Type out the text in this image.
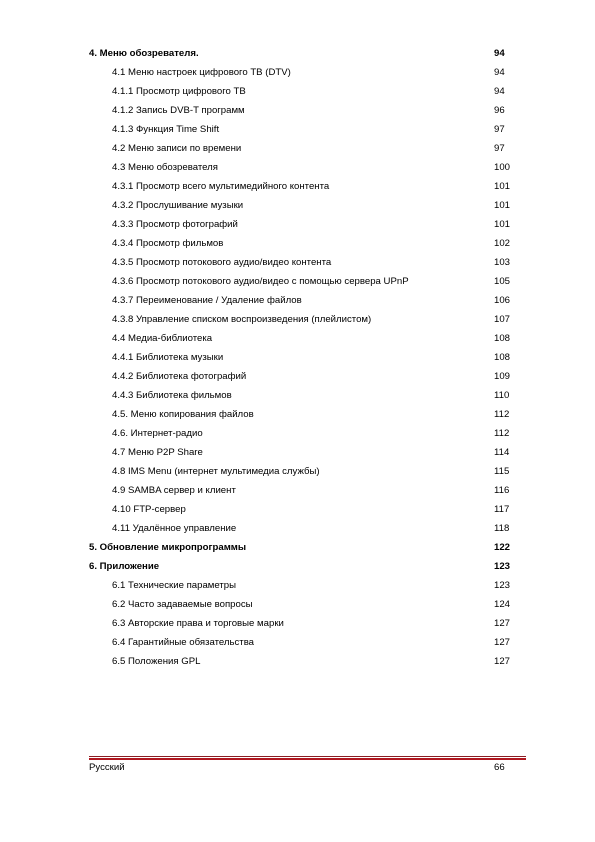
4. Меню обозревателя.	94
4.1 Меню настроек цифрового ТВ (DTV)	94
4.1.1 Просмотр цифрового ТВ	94
4.1.2 Запись DVB-T программ	96
4.1.3 Функция Time Shift	97
4.2 Меню записи по времени	97
4.3 Меню обозревателя	100
4.3.1 Просмотр всего мультимедийного контента	101
4.3.2 Прослушивание музыки	101
4.3.3 Просмотр фотографий	101
4.3.4 Просмотр фильмов	102
4.3.5 Просмотр потокового аудио/видео контента	103
4.3.6 Просмотр потокового аудио/видео с помощью сервера UPnP	105
4.3.7 Переименование / Удаление файлов	106
4.3.8 Управление списком воспроизведения (плейлистом)	107
4.4 Медиа-библиотека	108
4.4.1 Библиотека музыки	108
4.4.2 Библиотека фотографий	109
4.4.3 Библиотека фильмов	110
4.5. Меню копирования файлов	112
4.6. Интернет-радио	112
4.7 Меню P2P Share	114
4.8 IMS Menu (интернет мультимедиа службы)	115
4.9 SAMBA сервер и клиент	116
4.10 FTP-сервер	117
4.11 Удалённое управление	118
5. Обновление микропрограммы	122
6. Приложение	123
6.1 Технические параметры	123
6.2 Часто задаваемые вопросы	124
6.3 Авторские права и торговые марки	127
6.4 Гарантийные обязательства	127
6.5 Положения GPL	127
Русский	66
